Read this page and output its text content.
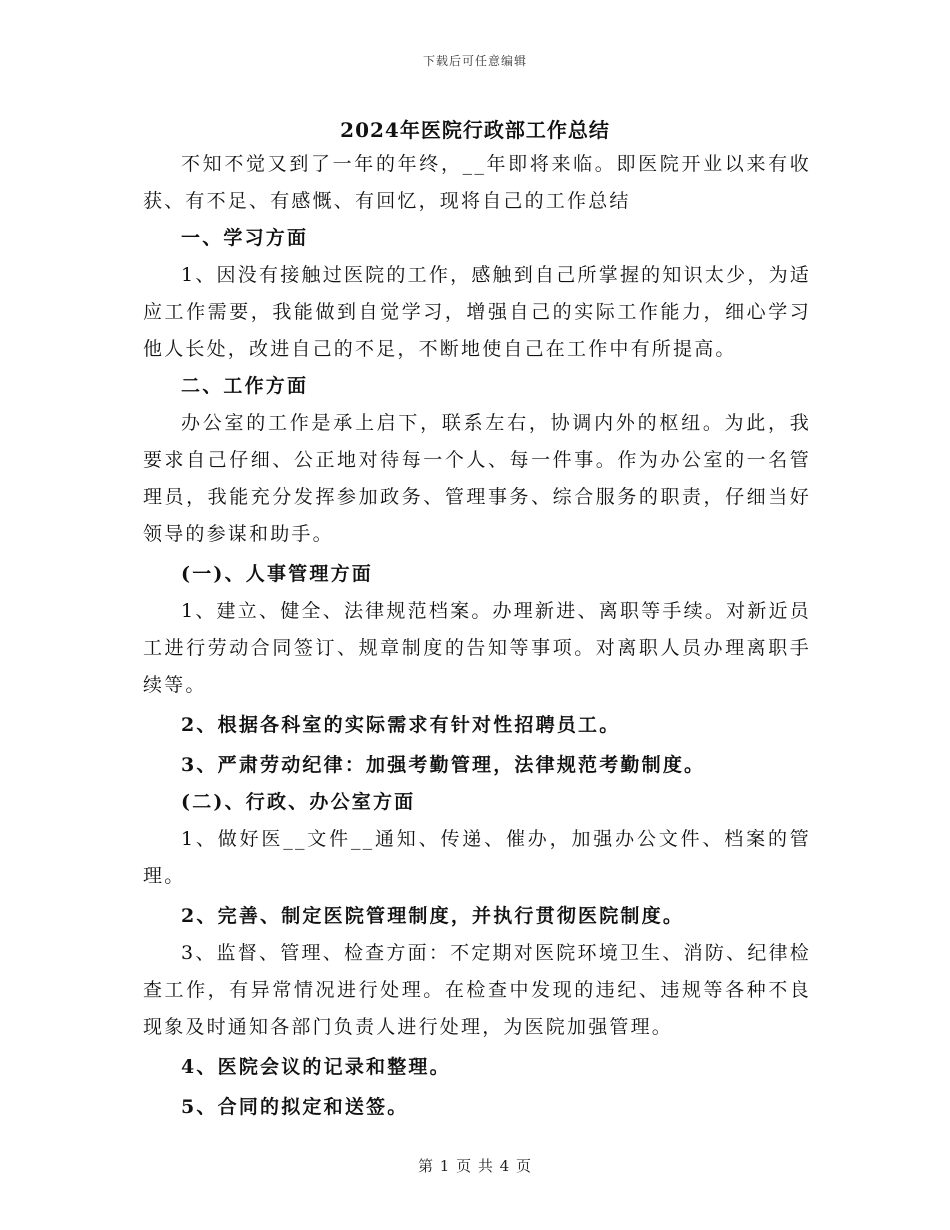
下载后可任意编辑
2024年医院行政部工作总结

不知不觉又到了一年的年终，__年即将来临。即医院开业以来有收获、有不足、有感慨、有回忆，现将自己的工作总结

一、学习方面

1、因没有接触过医院的工作，感触到自己所掌握的知识太少，为适应工作需要，我能做到自觉学习，增强自己的实际工作能力，细心学习他人长处，改进自己的不足，不断地使自己在工作中有所提高。

二、工作方面

办公室的工作是承上启下，联系左右，协调内外的枢纽。为此，我要求自己仔细、公正地对待每一个人、每一件事。作为办公室的一名管理员，我能充分发挥参加政务、管理事务、综合服务的职责，仔细当好领导的参谋和助手。

(一)、人事管理方面

1、建立、健全、法律规范档案。办理新进、离职等手续。对新近员工进行劳动合同签订、规章制度的告知等事项。对离职人员办理离职手续等。

2、根据各科室的实际需求有针对性招聘员工。

3、严肃劳动纪律：加强考勤管理，法律规范考勤制度。

(二)、行政、办公室方面

1、做好医__文件__通知、传递、催办，加强办公文件、档案的管理。

2、完善、制定医院管理制度，并执行贯彻医院制度。

3、监督、管理、检查方面：不定期对医院环境卫生、消防、纪律检查工作，有异常情况进行处理。在检查中发现的违纪、违规等各种不良现象及时通知各部门负责人进行处理，为医院加强管理。

4、医院会议的记录和整理。

5、合同的拟定和送签。

第 1 页 共 4 页
